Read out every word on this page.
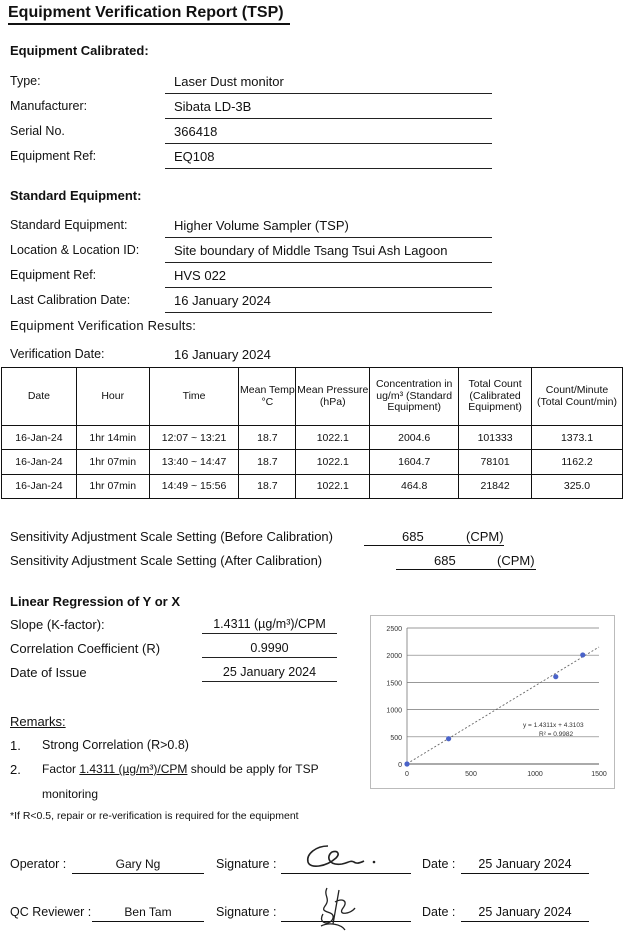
Equipment Verification Report (TSP)
Equipment Calibrated:
Type:	Laser Dust monitor
Manufacturer:	Sibata LD-3B
Serial No.	366418
Equipment Ref:	EQ108
Standard Equipment:
Standard Equipment:	Higher Volume Sampler (TSP)
Location & Location ID:	Site boundary of Middle Tsang Tsui Ash Lagoon
Equipment Ref:	HVS 022
Last Calibration Date:	16 January 2024
Equipment Verification Results:
Verification Date:	16 January 2024
Date	Hour	Time	Mean Temp °C	Mean Pressure (hPa)	Concentration in ug/m³ (Standard Equipment)	Total Count (Calibrated Equipment)	Count/Minute (Total Count/min)
16-Jan-24	1hr 14min	12:07 ~ 13:21	18.7	1022.1	2004.6	101333	1373.1
16-Jan-24	1hr 07min	13:40 ~ 14:47	18.7	1022.1	1604.7	78101	1162.2
16-Jan-24	1hr 07min	14:49 ~ 15:56	18.7	1022.1	464.8	21842	325.0
Sensitivity Adjustment Scale Setting (Before Calibration)	685	(CPM)
Sensitivity Adjustment Scale Setting (After Calibration)	685	(CPM)
Linear Regression of Y or X
Slope (K-factor):	1.4311 (µg/m³)/CPM
Correlation Coefficient (R)	0.9990
Date of Issue	25 January 2024
0
500
1000
1500
2000
2500
0	500	1000	1500
y = 1.4311x + 4.3103
R² = 0.9982
Remarks:
1. Strong Correlation (R>0.8)
2. Factor 1.4311 (µg/m³)/CPM should be apply for TSP
monitoring
*If R<0.5, repair or re-verification is required for the equipment
Operator :	Gary Ng	Signature :	Date :	25 January 2024
QC Reviewer :	Ben Tam	Signature :	Date :	25 January 2024
